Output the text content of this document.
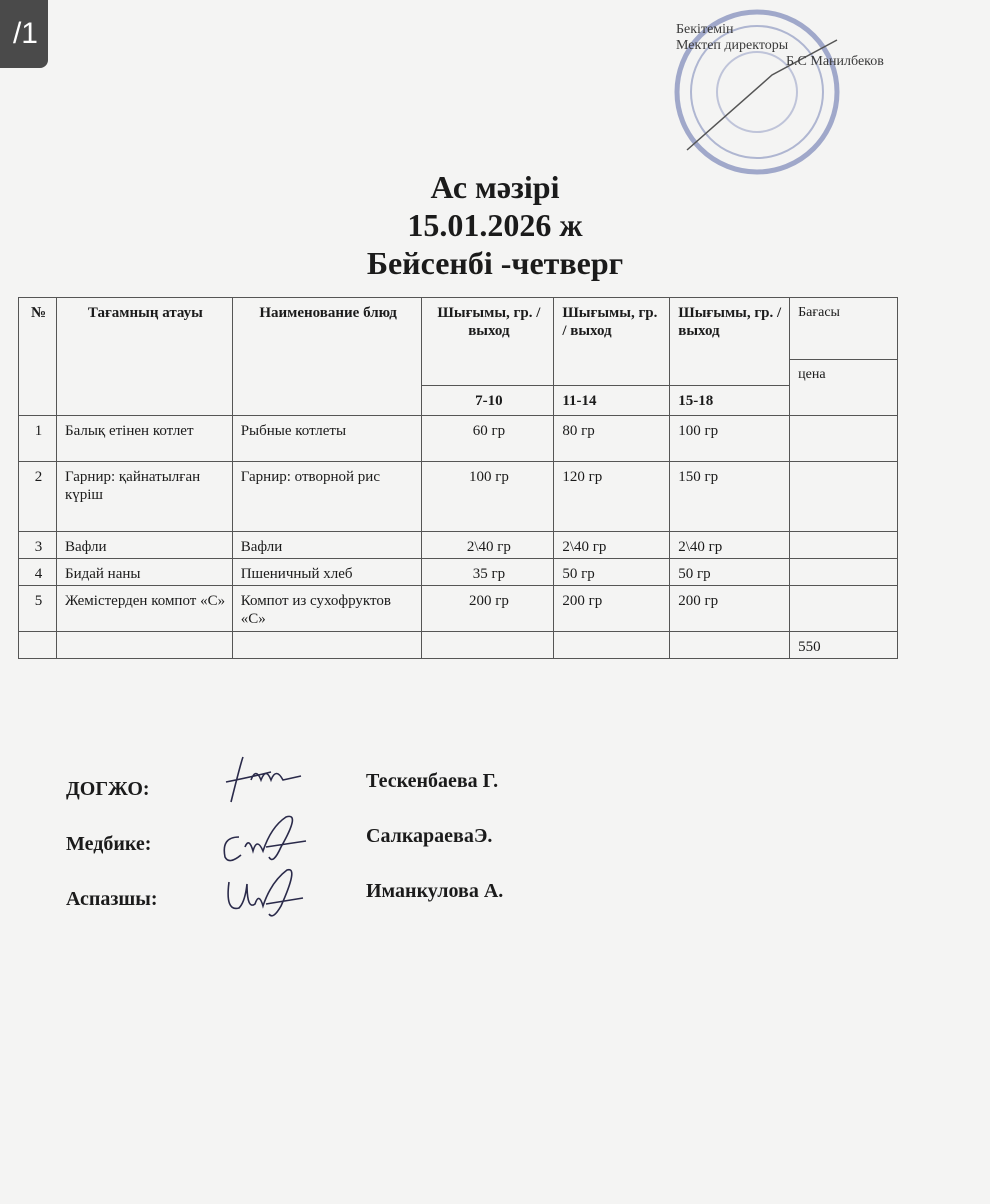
/1	Бекітемін
Мектеп директоры
Б.С Манилбеков
Ас мәзірі
15.01.2026 ж
Бейсенбі -четверг
№	Тағамның атауы	Наименование блюд	Шығымы, гр. / выход	Шығымы, гр. / выход	Шығымы, гр. / выход	Бағасы
						цена
			7-10	11-14	15-18	
1	Балық етінен котлет	Рыбные котлеты	60 гр	80 гр	100 гр	
2	Гарнир: қайнатылған күріш	Гарнир: отворной рис	100 гр	120 гр	150 гр	
3	Вафли	Вафли	2\40 гр	2\40 гр	2\40 гр	
4	Бидай наны	Пшеничный хлеб	35 гр	50 гр	50 гр	
5	Жемістерден компот «С»	Компот из сухофруктов «С»	200 гр	200 гр	200 гр	
						550
ДОГЖО:	Тескенбаева Г.
Медбике:	СалкараеваЭ.
Аспазшы:	Иманкулова А.
